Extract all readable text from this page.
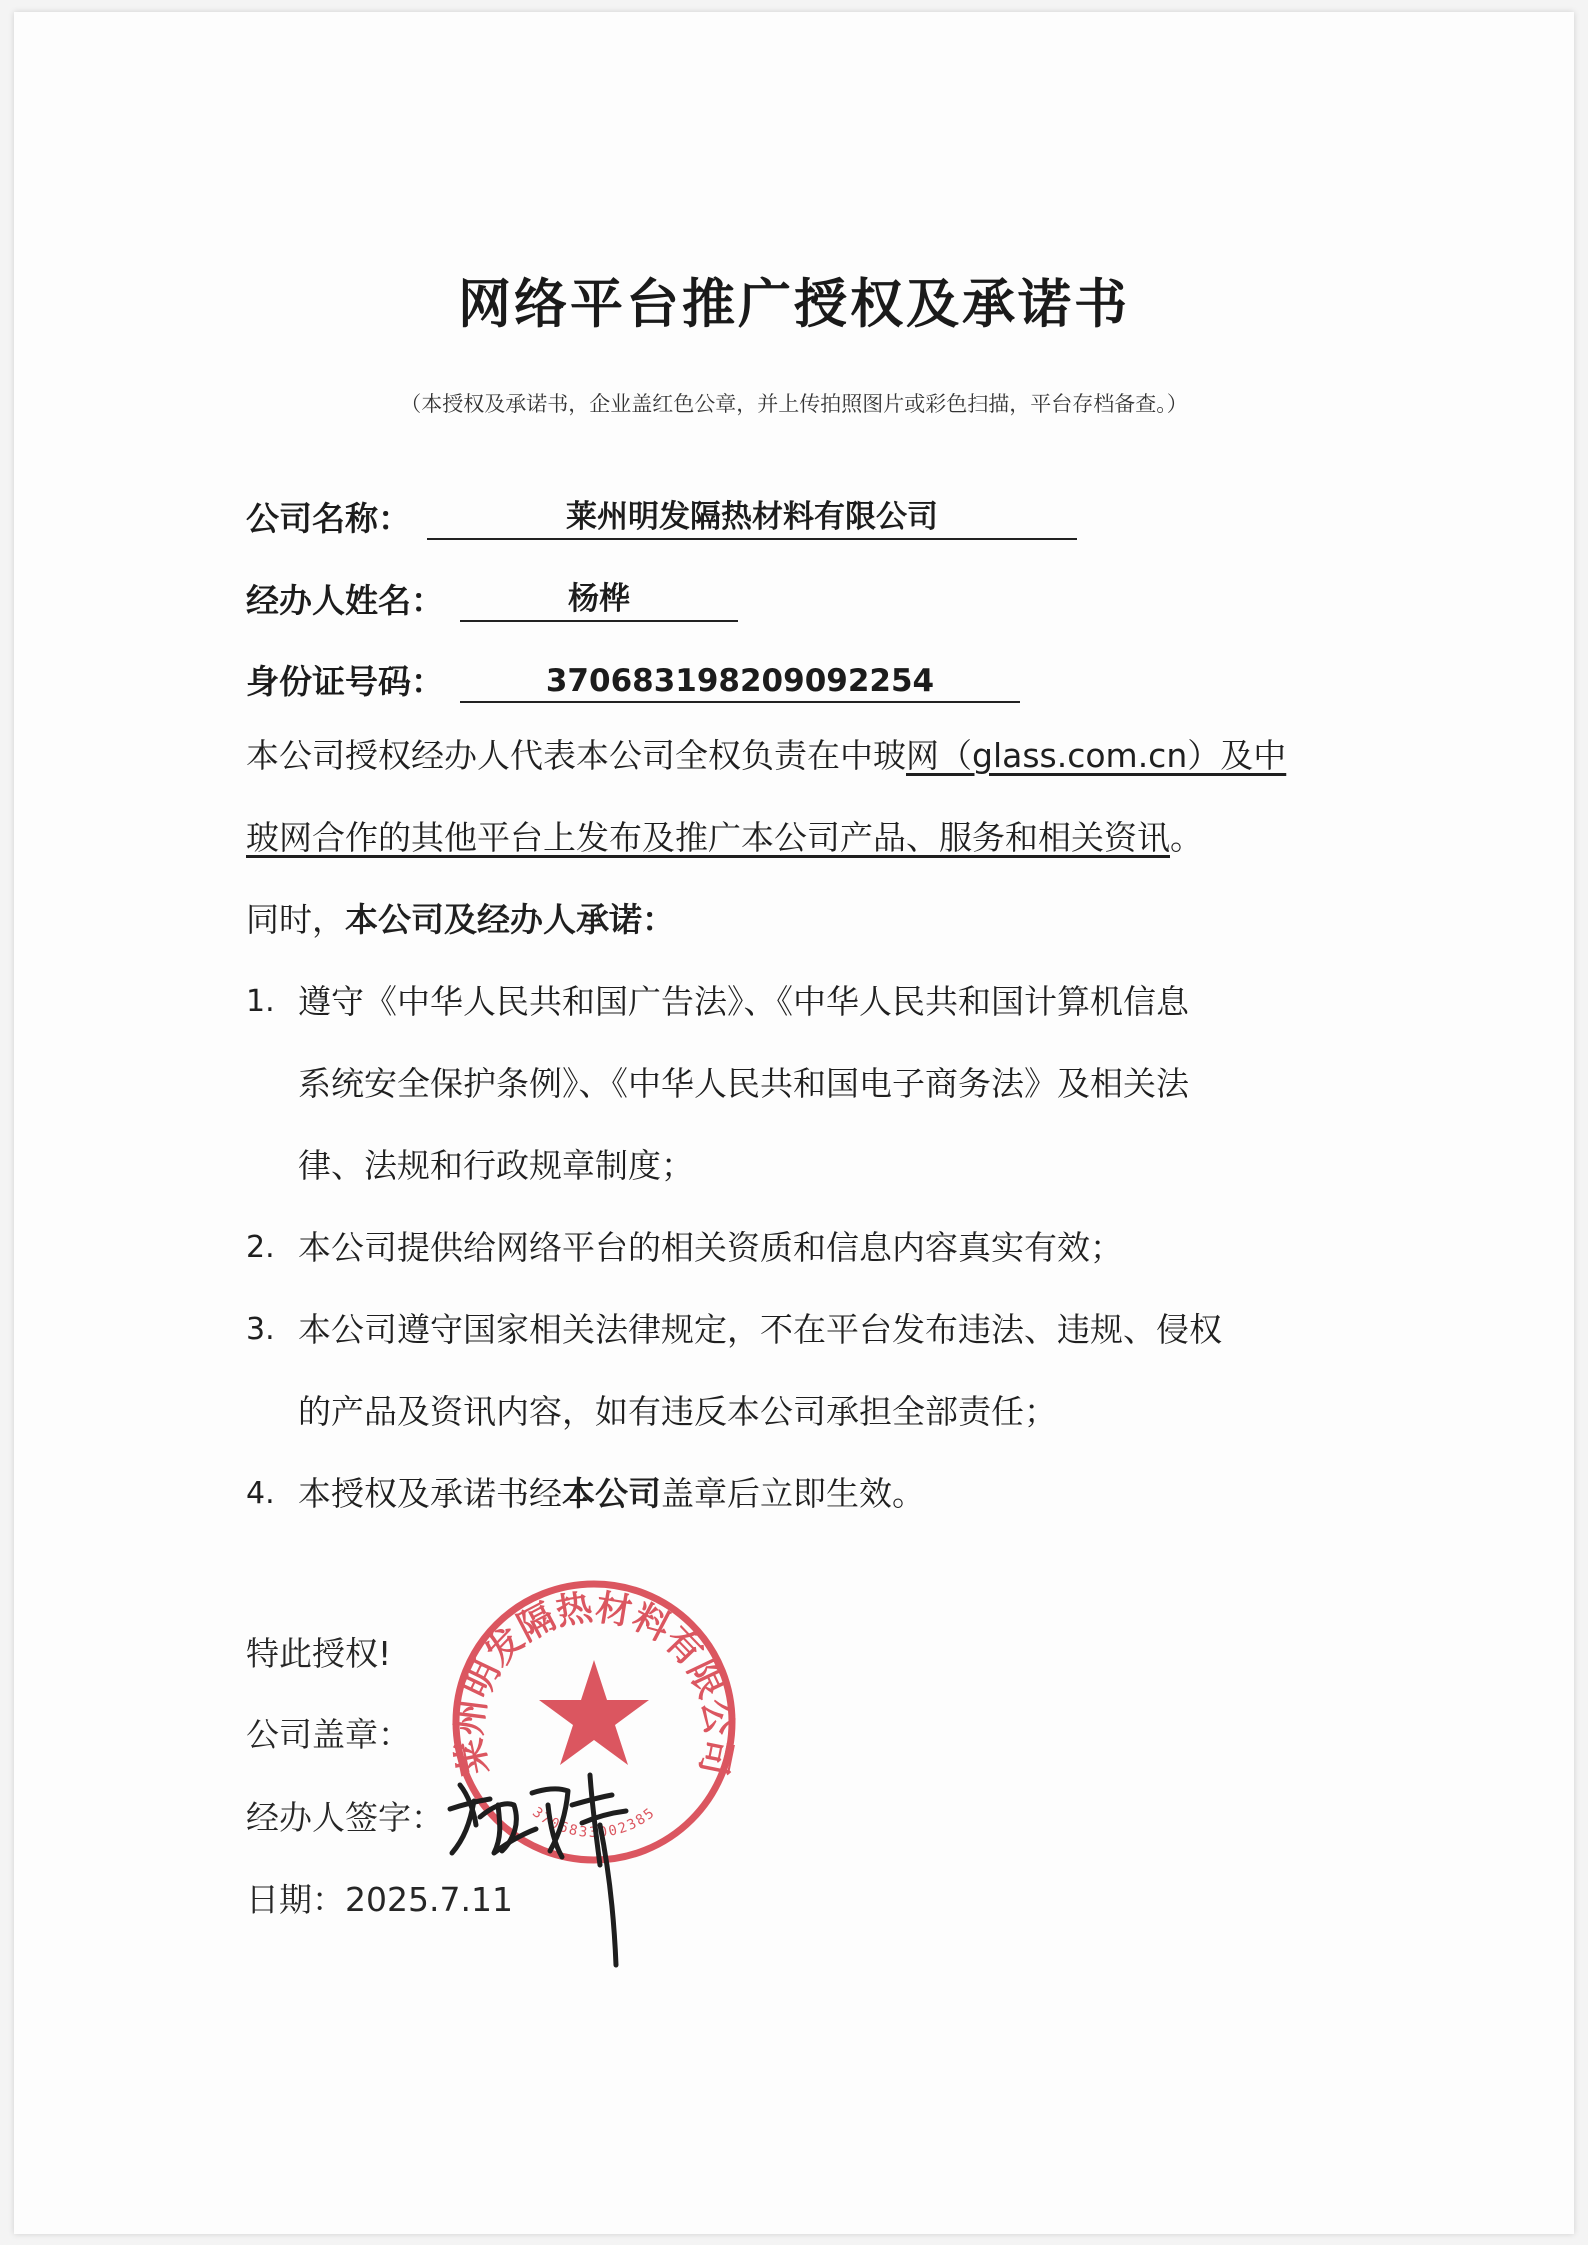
网络平台推广授权及承诺书
（本授权及承诺书，企业盖红色公章，并上传拍照图片或彩色扫描，平台存档备查。）
公司名称：	莱州明发隔热材料有限公司
经办人姓名：	杨桦
身份证号码：	370683198209092254
本公司授权经办人代表本公司全权负责在中玻网（glass.com.cn）及中
玻网合作的其他平台上发布及推广本公司产品、服务和相关资讯。
同时，本公司及经办人承诺：
1. 遵守《中华人民共和国广告法》、《中华人民共和国计算机信息
系统安全保护条例》、《中华人民共和国电子商务法》及相关法
律、法规和行政规章制度；
2. 本公司提供给网络平台的相关资质和信息内容真实有效；
3. 本公司遵守国家相关法律规定，不在平台发布违法、违规、侵权
的产品及资讯内容，如有违反本公司承担全部责任；
4. 本授权及承诺书经本公司盖章后立即生效。
特此授权!
公司盖章：
经办人签字：
日期：2025.7.11
莱州明发隔热材料有限公司
3706833002385
